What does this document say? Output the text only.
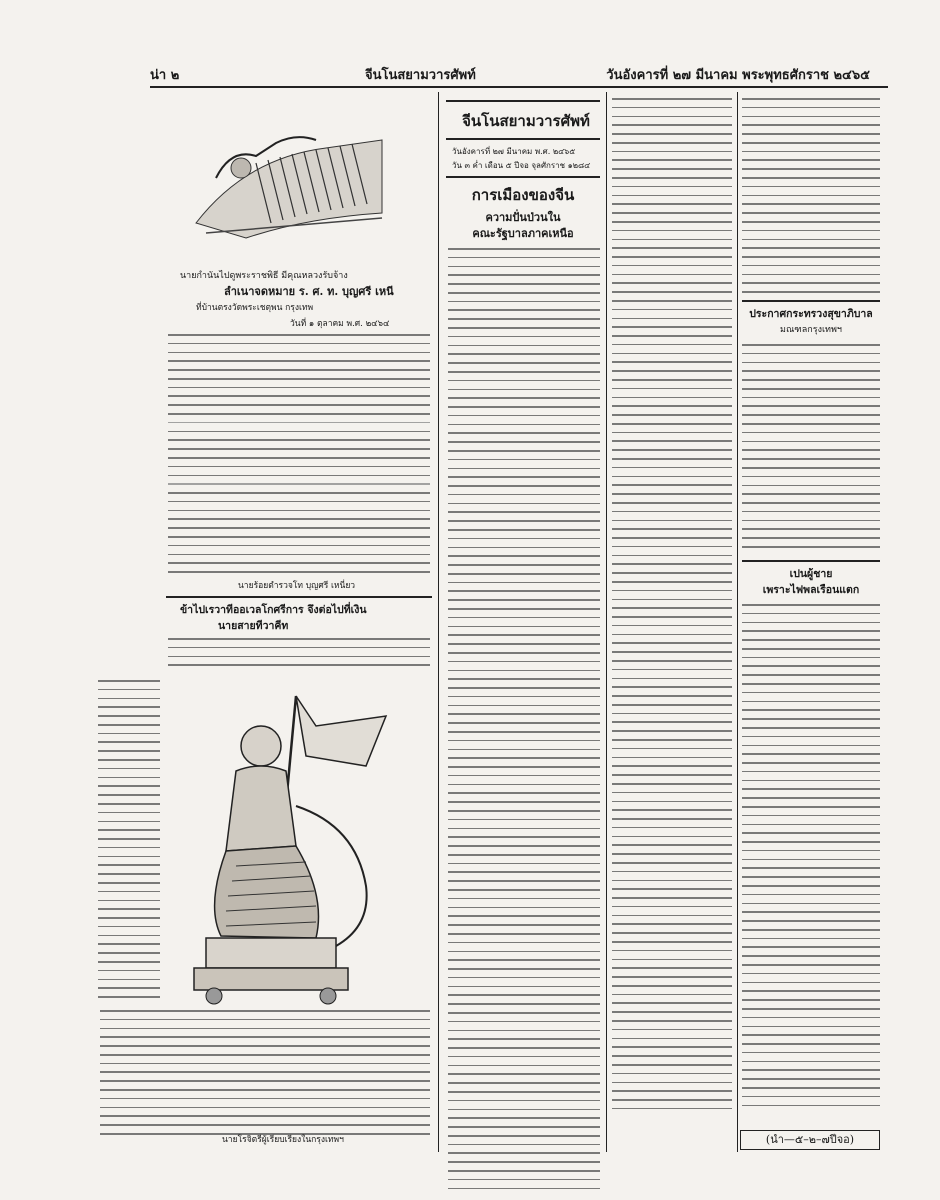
น่า ๒	จีนโนสยามวารศัพท์	วันอังคารที่ ๒๗ มีนาคม พระพุทธศักราช ๒๔๖๕
นายกำนันไปดูพระราชพิธี มีคุณหลวงรับจ้าง
ลำเนาจดหมาย ร. ศ. ท. บุญศรี เหนี
ที่บ้านตรงวัดพระเชตุพน กรุงเทพ
วันที่ ๑ ตุลาคม พ.ศ. ๒๔๖๔
นายร้อยตำรวจโท บุญศรี เหนี่ยว
ข้าไปเรวาทีออเวลโกศรีการ จึงต่อไปที่เงิน
นายสายทีวาคีท
นายโรจิตรีผู้เรียบเรียงในกรุงเทพฯ
จีนโนสยามวารศัพท์
วันอังคารที่ ๒๗ มีนาคม พ.ศ. ๒๔๖๕
วัน ๓ ค่ำ เดือน ๕ ปีจอ จุลศักราช ๑๒๘๔
การเมืองของจีน
ความปั่นป่วนใน
คณะรัฐบาลภาคเหนือ
ประกาศกระทรวงสุขาภิบาล
มณฑลกรุงเทพฯ
เปนผู้ชาย
เพราะไฟพลเรือนแตก
(นำ—๕–๒–๗ปีจอ)
